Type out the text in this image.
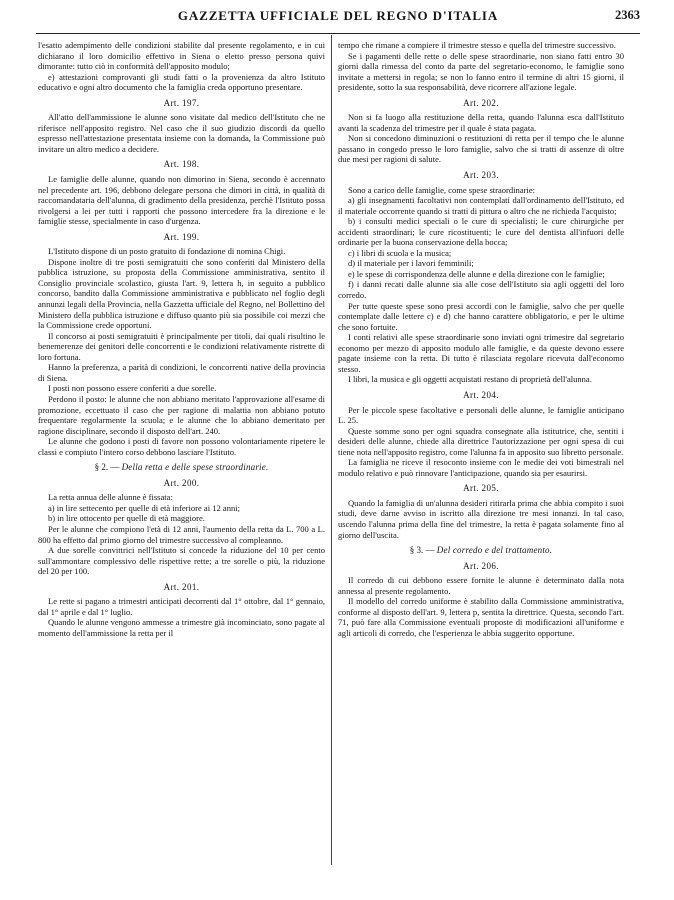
GAZZETTA UFFICIALE DEL REGNO D'ITALIA	2363

l'esatto adempimento delle condizioni stabilite dal presente regolamento, e in cui dichiarano il loro domicilio effettivo in Siena o eletto presso persona quivi dimorante: tutto ciò in conformità dell'apposito modulo;

e) attestazioni comprovanti gli studi fatti o la provenienza da altro Istituto educativo e ogni altro documento che la famiglia creda opportuno presentare.

Art. 197.

All'atto dell'ammissione le alunne sono visitate dal medico dell'Istituto che ne riferisce nell'apposito registro. Nel caso che il suo giudizio discordi da quello espresso nell'attestazione presentata insieme con la domanda, la Commissione può invitare un altro medico a decidere.

Art. 198.

Le famiglie delle alunne, quando non dimorino in Siena, secondo è accennato nel precedente art. 196, debbono delegare persona che dimori in città, in qualità di raccomandataria dell'alunna, di gradimento della presidenza, perchè l'Istituto possa rivolgersi a lei per tutti i rapporti che possono intercedere fra la direzione e le famiglie stesse, specialmente in caso d'urgenza.

Art. 199.

L'Istituto dispone di un posto gratuito di fondazione di nomina Chigi.

Dispone inoltre di tre posti semigratuiti che sono conferiti dal Ministero della pubblica istruzione, su proposta della Commissione amministrativa, sentito il Consiglio provinciale scolastico, giusta l'art. 9, lettera h, in seguito a pubblico concorso, bandito dalla Commissione amministrativa e pubblicato nel foglio degli annunzi legali della Provincia, nella Gazzetta ufficiale del Regno, nel Bollettino del Ministero della pubblica istruzione e diffuso quanto più sia possibile coi mezzi che la Commissione crede opportuni.

Il concorso ai posti semigratuiti è principalmente per titoli, dai quali risultino le benemerenze dei genitori delle concorrenti e le condizioni relativamente ristrette di loro fortuna.

Hanno la preferenza, a parità di condizioni, le concorrenti native della provincia di Siena.

I posti non possono essere conferiti a due sorelle.

Perdono il posto: le alunne che non abbiano meritato l'approvazione all'esame di promozione, eccettuato il caso che per ragione di malattia non abbiano potuto frequentare regolarmente la scuola; e le alunne che lo abbiano demeritato per ragione disciplinare, secondo il disposto dell'art. 240.

Le alunne che godono i posti di favore non possono volontariamente ripetere le classi e compiuto l'intero corso debbono lasciare l'Istituto.

§ 2. — Della retta e delle spese straordinarie.
Art. 200.

La retta annua delle alunne è fissata:

a) in lire settecento per quelle di età inferiore ai 12 anni;

b) in lire ottocento per quelle di età maggiore.

Per le alunne che compiono l'età di 12 anni, l'aumento della retta da L. 700 a L. 800 ha effetto dal primo giorno del trimestre successivo al compleanno.

A due sorelle convittrici nell'Istituto si concede la riduzione del 10 per cento sull'ammontare complessivo delle rispettive rette; a tre sorelle o più, la riduzione del 20 per 100.

Art. 201.

Le rette si pagano a trimestri anticipati decorrenti dal 1° ottobre, dal 1° gennaio, dal 1° aprile e dal 1° luglio.

Quando le alunne vengono ammesse a trimestre già incominciato, sono pagate al momento dell'ammissione la retta per il

tempo che rimane a compiere il trimestre stesso e quella del trimestre successivo.

Se i pagamenti delle rette o delle spese straordinarie, non siano fatti entro 30 giorni dalla rimessa del conto da parte del segretario-economo, le famiglie sono invitate a mettersi in regola; se non lo fanno entro il termine di altri 15 giorni, il presidente, sotto la sua responsabilità, deve ricorrere all'azione legale.

Art. 202.

Non si fa luogo alla restituzione della retta, quando l'alunna esca dall'Istituto avanti la scadenza del trimestre per il quale è stata pagata.

Non si concedono diminuzioni o restituzioni di retta per il tempo che le alunne passano in congedo presso le loro famiglie, salvo che si tratti di assenze di oltre due mesi per ragioni di salute.

Art. 203.

Sono a carico delle famiglie, come spese straordinarie:

a) gli insegnamenti facoltativi non contemplati dall'ordinamento dell'Istituto, ed il materiale occorrente quando si tratti di pittura o altro che ne richieda l'acquisto;

b) i consulti medici speciali o le cure di specialisti; le cure chirurgiche per accidenti straordinari; le cure ricostituenti; le cure del dentista all'infuori delle ordinarie per la buona conservazione della bocca;

c) i libri di scuola e la musica;

d) il materiale per i lavori femminili;

e) le spese di corrispondenza delle alunne e della direzione con le famiglie;

f) i danni recati dalle alunne sia alle cose dell'Istituto sia agli oggetti del loro corredo.

Per tutte queste spese sono presi accordi con le famiglie, salvo che per quelle contemplate dalle lettere c) e d) che hanno carattere obbligatorio, e per le ultime che sono fortuite.

I conti relativi alle spese straordinarie sono inviati ogni trimestre dal segretario economo per mezzo di apposito modulo alle famiglie, e da queste devono essere pagate insieme con la retta. Di tutto è rilasciata regolare ricevuta dall'economo stesso.

I libri, la musica e gli oggetti acquistati restano di proprietà dell'alunna.

Art. 204.

Per le piccole spese facoltative e personali delle alunne, le famiglie anticipano L. 25.

Queste somme sono per ogni squadra consegnate alla istitutrice, che, sentiti i desideri delle alunne, chiede alla direttrice l'autorizzazione per ogni spesa di cui tiene nota nell'apposito registro, come l'alunna fa in apposito suo libretto personale.

La famiglia ne riceve il resoconto insieme con le medie dei voti bimestrali nel modulo relativo e può rinnovare l'anticipazione, quando sia per esaurirsi.

Art. 205.

Quando la famiglia di un'alunna desideri ritirarla prima che abbia compito i suoi studi, deve darne avviso in iscritto alla direzione tre mesi innanzi. In tal caso, uscendo l'alunna prima della fine del trimestre, la retta è pagata solamente fino al giorno dell'uscita.

§ 3. — Del corredo e del trattamento.
Art. 206.

Il corredo di cui debbono essere fornite le alunne è determinato dalla nota annessa al presente regolamento.

Il modello del corredo uniforme è stabilito dalla Commissione amministrativa, conforme al disposto dell'art. 9, lettera p, sentita la direttrice. Questa, secondo l'art. 71, può fare alla Commissione eventuali proposte di modificazioni all'uniforme e agli articoli di corredo, che l'esperienza le abbia suggerito opportune.
